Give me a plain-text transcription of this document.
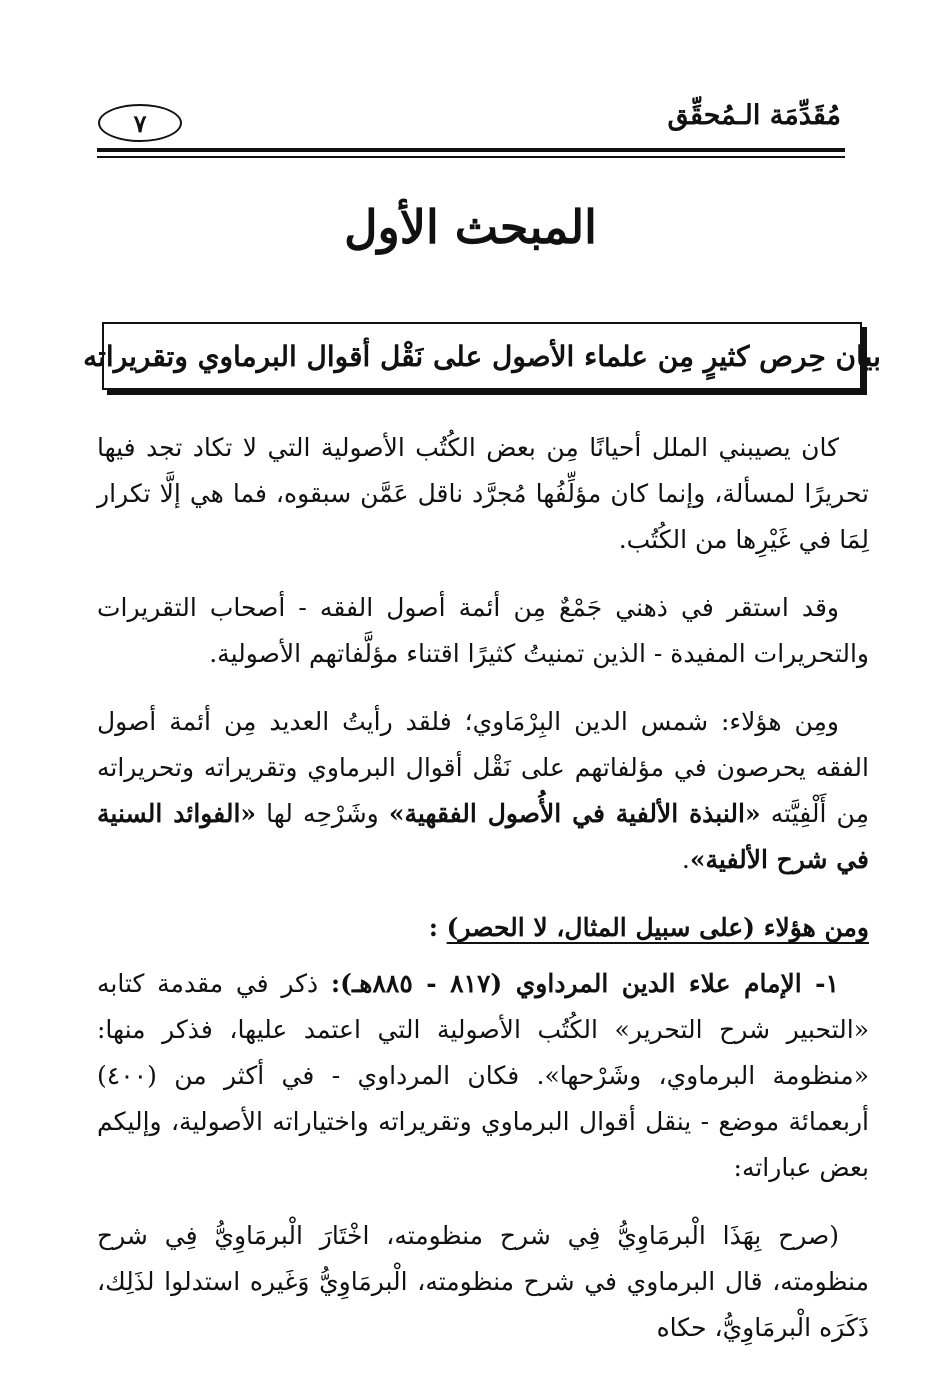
مُقَدِّمَة الـمُحقِّق
٧
المبحث الأول
بيان حِرص كثيرٍ مِن علماء الأصول على نَقْل أقوال البرماوي وتقريراته

كان يصيبني الملل أحيانًا مِن بعض الكُتُب الأصولية التي لا تكاد تجد فيها تحريرًا لمسألة، وإنما كان مؤلِّفُها مُجرَّد ناقل عَمَّن سبقوه، فما هي إلَّا تكرار لِمَا في غَيْرِها من الكُتُب.

وقد استقر في ذهني جَمْعٌ مِن أئمة أصول الفقه - أصحاب التقريرات والتحريرات المفيدة - الذين تمنيتُ كثيرًا اقتناء مؤلَّفاتهم الأصولية.

ومِن هؤلاء: شمس الدين البِرْمَاوي؛ فلقد رأيتُ العديد مِن أئمة أصول الفقه يحرصون في مؤلفاتهم على نَقْل أقوال البرماوي وتقريراته وتحريراته مِن أَلْفِيَّته «النبذة الألفية في الأُصول الفقهية» وشَرْحِه لها «الفوائد السنية في شرح الألفية».

ومن هؤلاء (على سبيل المثال، لا الحصر) :

١- الإمام علاء الدين المرداوي (٨١٧ - ٨٨٥هـ): ذكر في مقدمة كتابه «التحبير شرح التحرير» الكُتُب الأصولية التي اعتمد عليها، فذكر منها: «منظومة البرماوي، وشَرْحها». فكان المرداوي - في أكثر من (٤٠٠) أربعمائة موضع - ينقل أقوال البرماوي وتقريراته واختياراته الأصولية، وإليكم بعض عباراته:

(صرح بِهَذَا الْبرمَاوِيُّ فِي شرح منظومته، اخْتَارَ الْبرمَاوِيُّ فِي شرح منظومته، قال البرماوي في شرح منظومته، الْبرمَاوِيُّ وَغَيره استدلوا لذَلِك، ذَكَرَه الْبرمَاوِيُّ، حكاه
